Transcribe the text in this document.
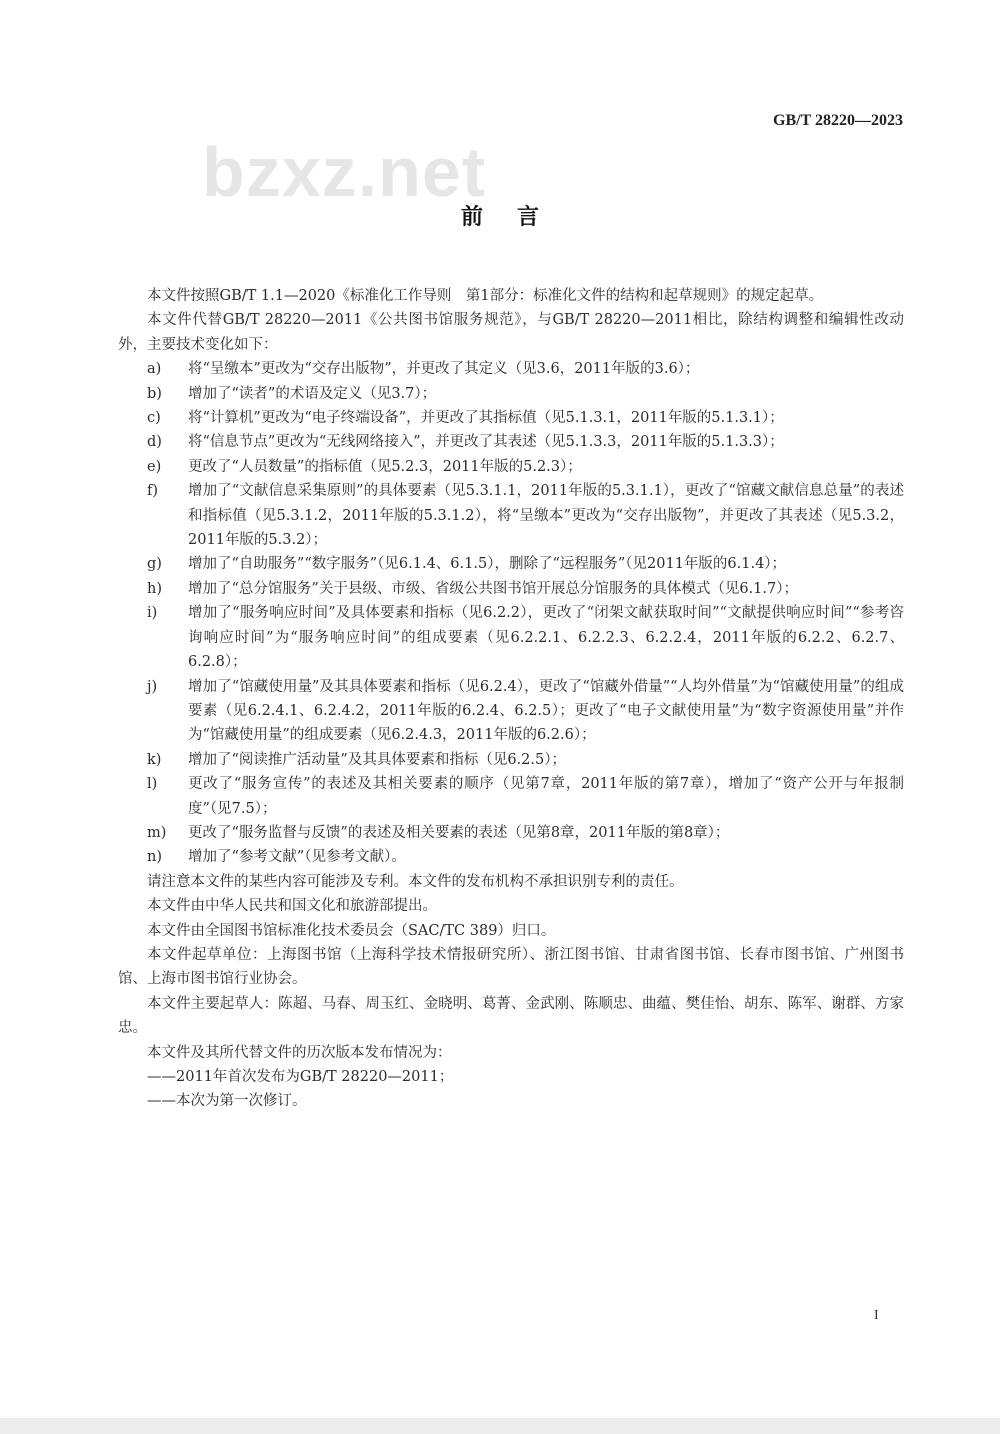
bzxz.net
GB/T 28220—2023
前言

本文件按照GB/T 1.1—2020《标准化工作导则　第1部分：标准化文件的结构和起草规则》的规定起草。

本文件代替GB/T 28220—2011《公共图书馆服务规范》，与GB/T 28220—2011相比，除结构调整和编辑性改动外，主要技术变化如下：

a)	将“呈缴本”更改为“交存出版物”，并更改了其定义（见3.6，2011年版的3.6）；
b)	增加了“读者”的术语及定义（见3.7）；
c)	将“计算机”更改为“电子终端设备”，并更改了其指标值（见5.1.3.1，2011年版的5.1.3.1）；
d)	将“信息节点”更改为“无线网络接入”，并更改了其表述（见5.1.3.3，2011年版的5.1.3.3）；
e)	更改了“人员数量”的指标值（见5.2.3，2011年版的5.2.3）；
f)	增加了“文献信息采集原则”的具体要素（见5.3.1.1，2011年版的5.3.1.1），更改了“馆藏文献信息总量”的表述和指标值（见5.3.1.2，2011年版的5.3.1.2），将“呈缴本”更改为“交存出版物”，并更改了其表述（见5.3.2，2011年版的5.3.2）；
g)	增加了“自助服务”“数字服务”（见6.1.4、6.1.5），删除了“远程服务”（见2011年版的6.1.4）；
h)	增加了“总分馆服务”关于县级、市级、省级公共图书馆开展总分馆服务的具体模式（见6.1.7）；
i)	增加了“服务响应时间”及具体要素和指标（见6.2.2），更改了“闭架文献获取时间”“文献提供响应时间”“参考咨询响应时间”为“服务响应时间”的组成要素（见6.2.2.1、6.2.2.3、6.2.2.4，2011年版的6.2.2、6.2.7、6.2.8）；
j)	增加了“馆藏使用量”及其具体要素和指标（见6.2.4），更改了“馆藏外借量”“人均外借量”为“馆藏使用量”的组成要素（见6.2.4.1、6.2.4.2，2011年版的6.2.4、6.2.5）；更改了“电子文献使用量”为“数字资源使用量”并作为“馆藏使用量”的组成要素（见6.2.4.3，2011年版的6.2.6）；
k)	增加了“阅读推广活动量”及其具体要素和指标（见6.2.5）；
l)	更改了“服务宣传”的表述及其相关要素的顺序（见第7章，2011年版的第7章），增加了“资产公开与年报制度”（见7.5）；
m)	更改了“服务监督与反馈”的表述及相关要素的表述（见第8章，2011年版的第8章）；
n)	增加了“参考文献”（见参考文献）。

请注意本文件的某些内容可能涉及专利。本文件的发布机构不承担识别专利的责任。

本文件由中华人民共和国文化和旅游部提出。

本文件由全国图书馆标准化技术委员会（SAC/TC 389）归口。

本文件起草单位：上海图书馆（上海科学技术情报研究所）、浙江图书馆、甘肃省图书馆、长春市图书馆、广州图书馆、上海市图书馆行业协会。

本文件主要起草人：陈超、马春、周玉红、金晓明、葛菁、金武刚、陈顺忠、曲蕴、樊佳怡、胡东、陈军、谢群、方家忠。

本文件及其所代替文件的历次版本发布情况为：

——2011年首次发布为GB/T 28220—2011；

——本次为第一次修订。

I
